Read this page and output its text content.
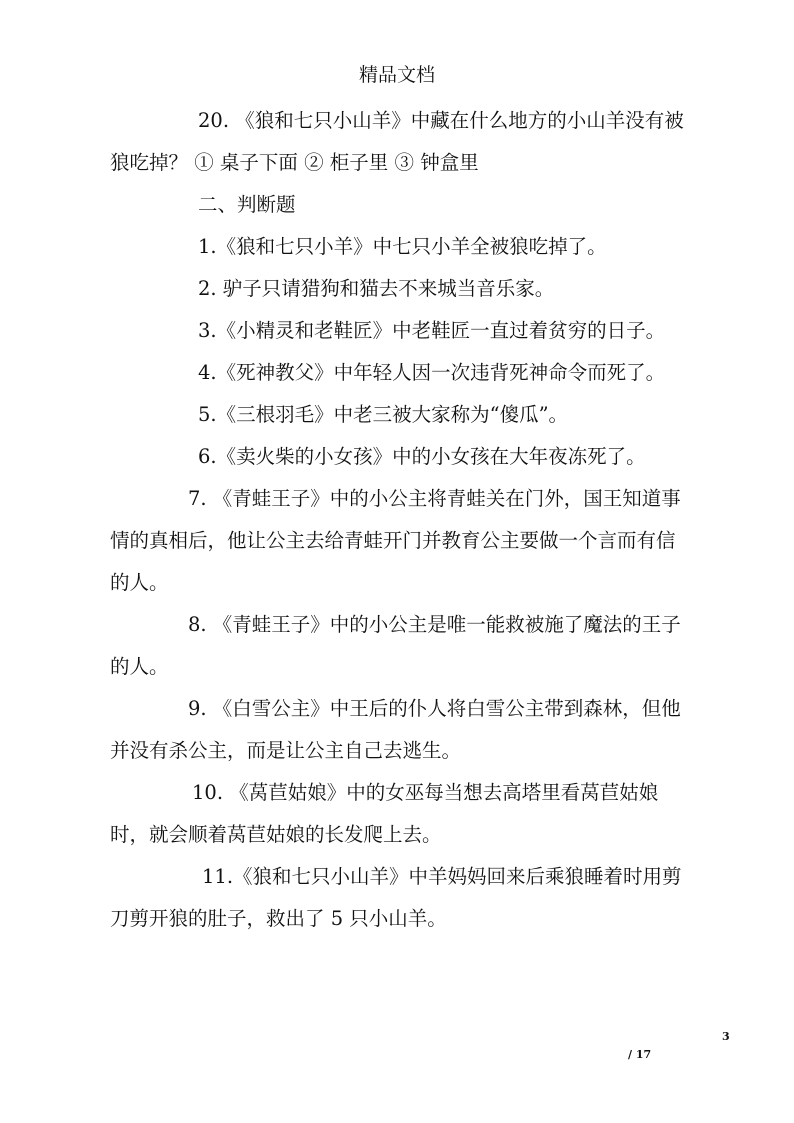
精品文档

20. 《狼和七只小山羊》中藏在什么地方的小山羊没有被狼吃掉？ ① 桌子下面 ② 柜子里 ③ 钟盒里

二、判断题

1.《狼和七只小羊》中七只小羊全被狼吃掉了。

2. 驴子只请猎狗和猫去不来城当音乐家。

3.《小精灵和老鞋匠》中老鞋匠一直过着贫穷的日子。

4.《死神教父》中年轻人因一次违背死神命令而死了。

5.《三根羽毛》中老三被大家称为“傻瓜”。

6.《卖火柴的小女孩》中的小女孩在大年夜冻死了。

7. 《青蛙王子》中的小公主将青蛙关在门外，国王知道事情的真相后，他让公主去给青蛙开门并教育公主要做一个言而有信的人。

8. 《青蛙王子》中的小公主是唯一能救被施了魔法的王子的人。

9. 《白雪公主》中王后的仆人将白雪公主带到森林，但他并没有杀公主，而是让公主自己去逃生。

10. 《莴苣姑娘》中的女巫每当想去高塔里看莴苣姑娘时，就会顺着莴苣姑娘的长发爬上去。

11.《狼和七只小山羊》中羊妈妈回来后乘狼睡着时用剪刀剪开狼的肚子，救出了 5 只小山羊。

3
/ 17
